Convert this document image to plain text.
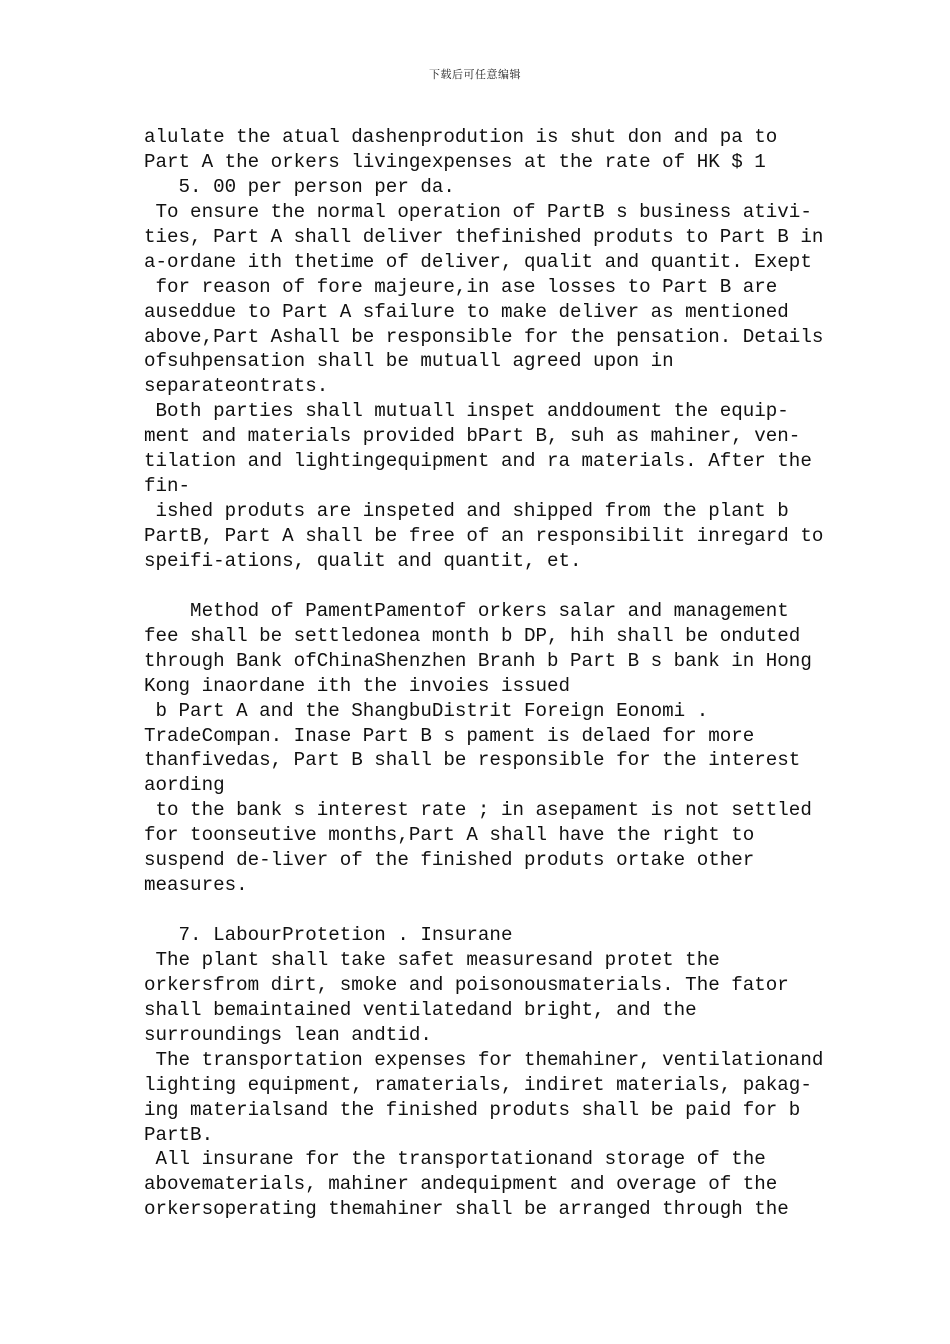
下载后可任意编辑
alulate the atual dashenprodution is shut don and pa to
Part A the orkers livingexpenses at the rate of HK $ 1
5. 00 per person per da.
To ensure the normal operation of PartB s business ativi-
ties, Part A shall deliver thefinished produts to Part B in
a-ordane ith thetime of deliver, qualit and quantit. Exept
for reason of fore majeure,in ase losses to Part B are
auseddue to Part A sfailure to make deliver as mentioned
above,Part Ashall be responsible for the pensation. Details
ofsuhpensation shall be mutuall agreed upon in
separateontrats.
Both parties shall mutuall inspet anddoument the equip-
ment and materials provided bPart B, suh as mahiner, ven-
tilation and lightingequipment and ra materials. After the
fin-
ished produts are inspeted and shipped from the plant b
PartB, Part A shall be free of an responsibilit inregard to
speifi-ations, qualit and quantit, et.
Method of PamentPamentof orkers salar and management
fee shall be settledonea month b DP, hih shall be onduted
through Bank ofChinaShenzhen Branh b Part B s bank in Hong
Kong inaordane ith the invoies issued
b Part A and the ShangbuDistrit Foreign Eonomi .
TradeCompan. Inase Part B s pament is delaed for more
thanfivedas, Part B shall be responsible for the interest
aording
to the bank s interest rate ; in asepament is not settled
for toonseutive months,Part A shall have the right to
suspend de-liver of the finished produts ortake other
measures.
7. LabourProtetion . Insurane
The plant shall take safet measuresand protet the
orkersfrom dirt, smoke and poisonousmaterials. The fator
shall bemaintained ventilatedand bright, and the
surroundings lean andtid.
The transportation expenses for themahiner, ventilationand
lighting equipment, ramaterials, indiret materials, pakag-
ing materialsand the finished produts shall be paid for b
PartB.
All insurane for the transportationand storage of the
abovematerials, mahiner andequipment and overage of the
orkersoperating themahiner shall be arranged through the
